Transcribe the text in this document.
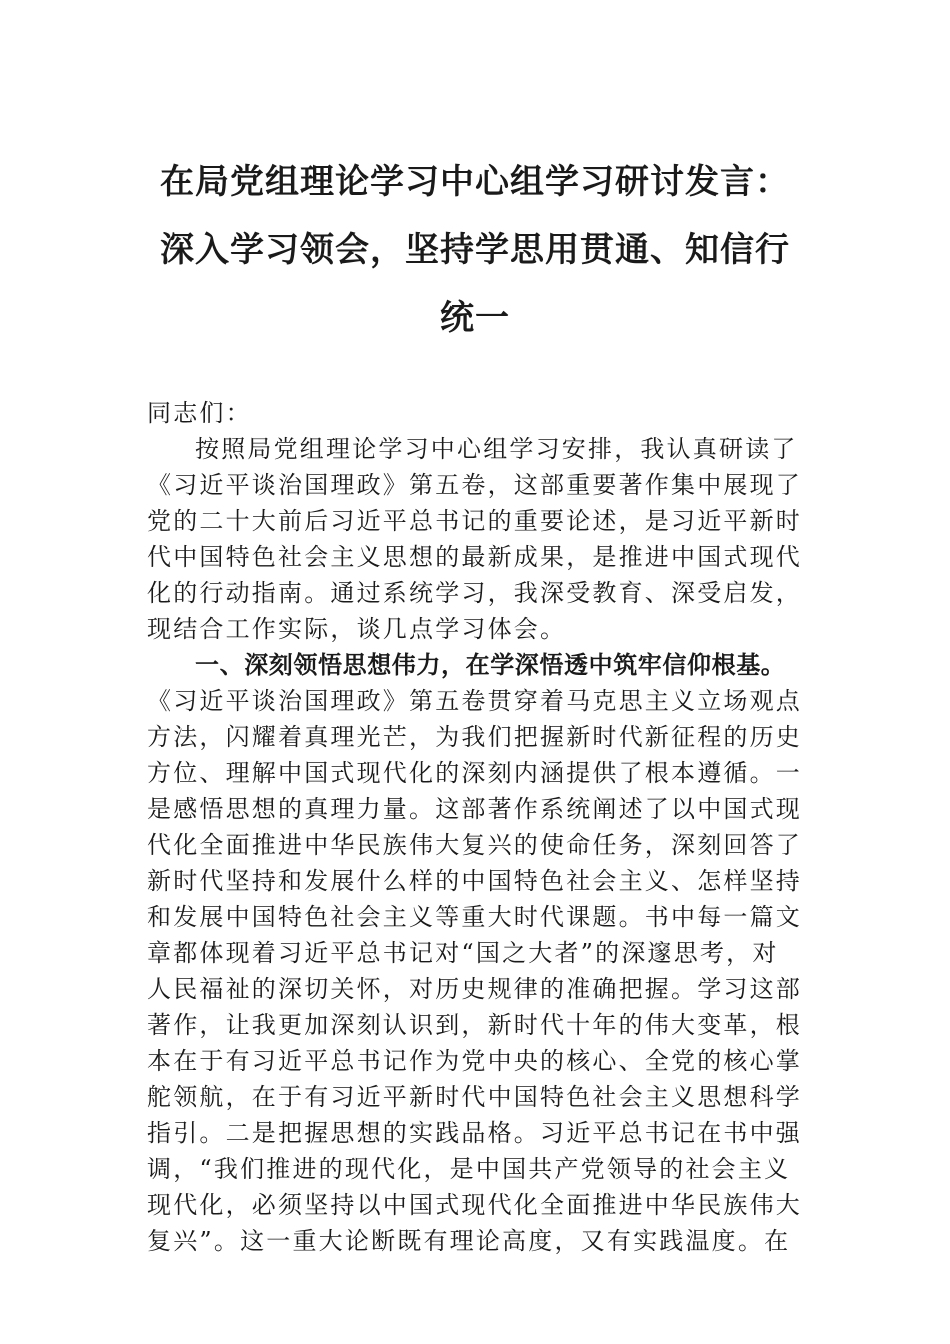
在局党组理论学习中心组学习研讨发言：
深入学习领会，坚持学思用贯通、知信行
统一
同志们：
按照局党组理论学习中心组学习安排，我认真研读了
《习近平谈治国理政》第五卷，这部重要著作集中展现了
党的二十大前后习近平总书记的重要论述，是习近平新时
代中国特色社会主义思想的最新成果，是推进中国式现代
化的行动指南。通过系统学习，我深受教育、深受启发，
现结合工作实际，谈几点学习体会。
一、深刻领悟思想伟力，在学深悟透中筑牢信仰根基。
《习近平谈治国理政》第五卷贯穿着马克思主义立场观点
方法，闪耀着真理光芒，为我们把握新时代新征程的历史
方位、理解中国式现代化的深刻内涵提供了根本遵循。一
是感悟思想的真理力量。这部著作系统阐述了以中国式现
代化全面推进中华民族伟大复兴的使命任务，深刻回答了
新时代坚持和发展什么样的中国特色社会主义、怎样坚持
和发展中国特色社会主义等重大时代课题。书中每一篇文
章都体现着习近平总书记对“国之大者”的深邃思考，对
人民福祉的深切关怀，对历史规律的准确把握。学习这部
著作，让我更加深刻认识到，新时代十年的伟大变革，根
本在于有习近平总书记作为党中央的核心、全党的核心掌
舵领航，在于有习近平新时代中国特色社会主义思想科学
指引。二是把握思想的实践品格。习近平总书记在书中强
调，“我们推进的现代化，是中国共产党领导的社会主义
现代化，必须坚持以中国式现代化全面推进中华民族伟大
复兴”。这一重大论断既有理论高度，又有实践温度。在
